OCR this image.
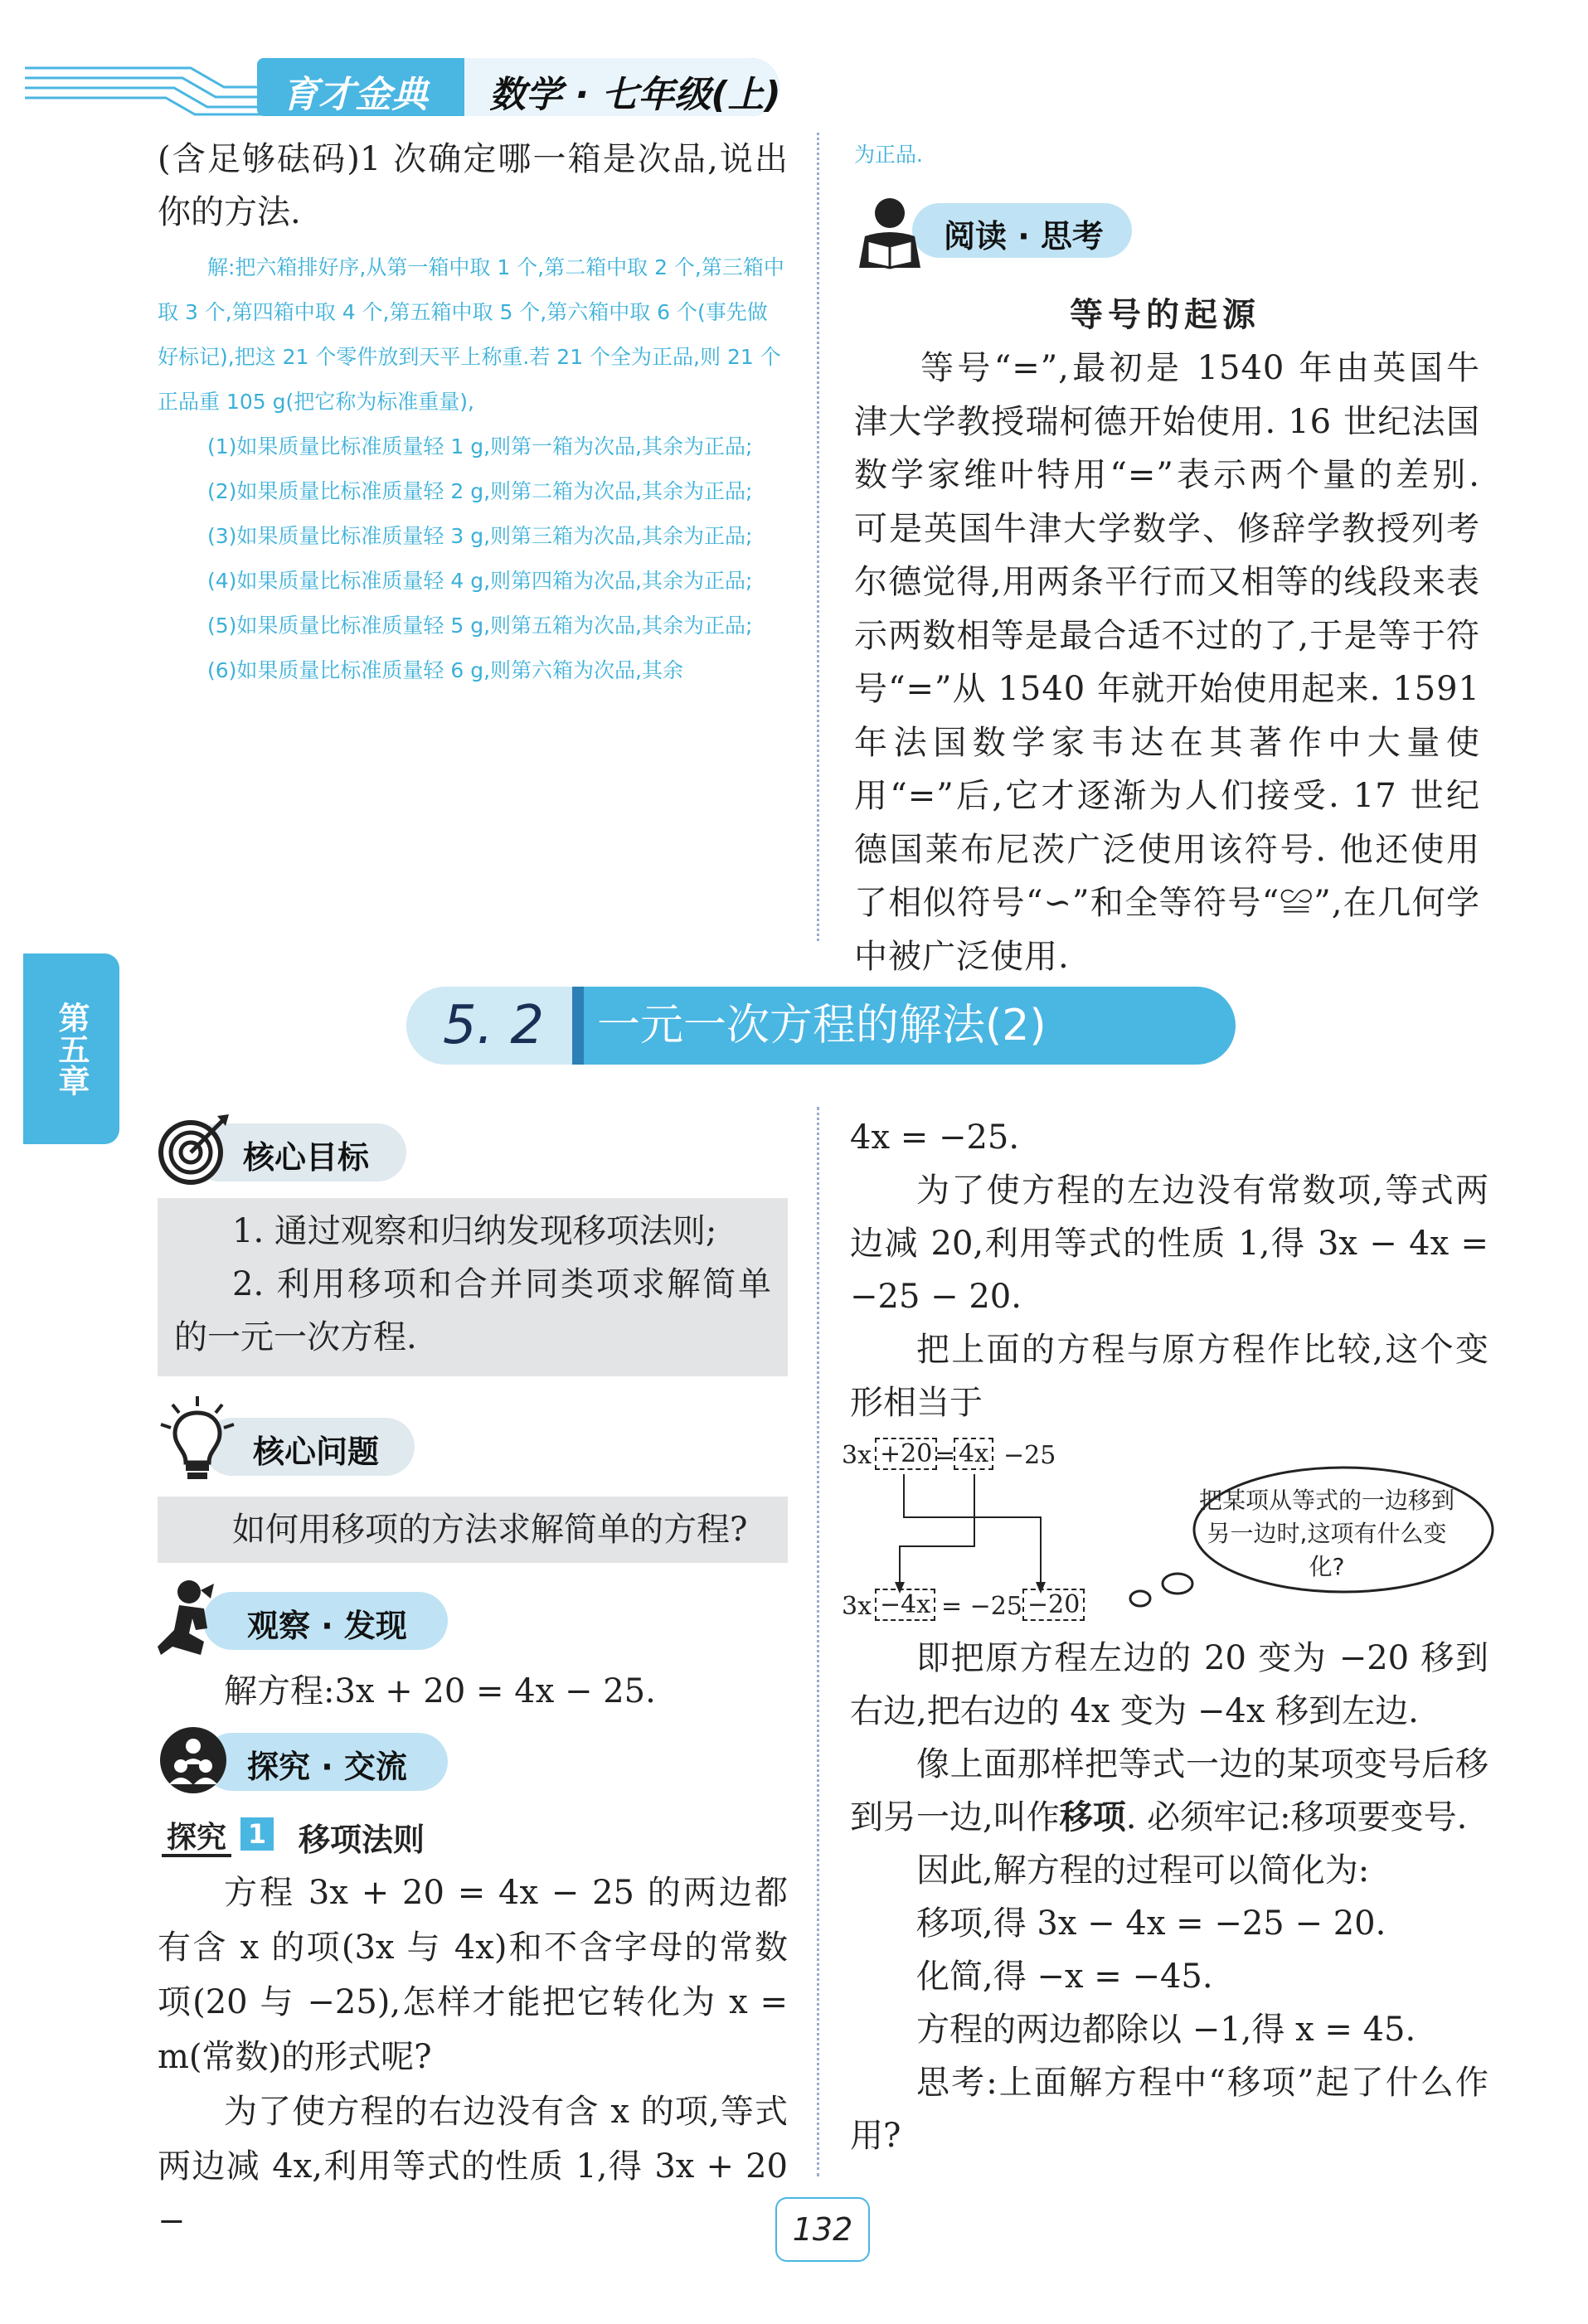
育才金典 数学 · 七年级(上)

(含足够砝码)1 次确定哪一箱是次品,说出你的方法.

解:把六箱排好序,从第一箱中取 1 个,第二箱中取 2 个,第三箱中取 3 个,第四箱中取 4 个,第五箱中取 5 个,第六箱中取 6 个(事先做好标记),把这 21 个零件放到天平上称重.若 21 个全为正品,则 21 个正品重 105 g(把它称为标准重量),

(1)如果质量比标准质量轻 1 g,则第一箱为次品,其余为正品;

(2)如果质量比标准质量轻 2 g,则第二箱为次品,其余为正品;

(3)如果质量比标准质量轻 3 g,则第三箱为次品,其余为正品;

(4)如果质量比标准质量轻 4 g,则第四箱为次品,其余为正品;

(5)如果质量比标准质量轻 5 g,则第五箱为次品,其余为正品;

(6)如果质量比标准质量轻 6 g,则第六箱为次品,其余

为正品.
阅读 · 思考
等号的起源

等号“=”,最初是 1540 年由英国牛津大学教授瑞柯德开始使用. 16 世纪法国数学家维叶特用“=”表示两个量的差别. 可是英国牛津大学数学、修辞学教授列考尔德觉得,用两条平行而又相等的线段来表示两数相等是最合适不过的了,于是等于符号“=”从 1540 年就开始使用起来. 1591 年法国数学家韦达在其著作中大量使用“=”后,它才逐渐为人们接受. 17 世纪德国莱布尼茨广泛使用该符号. 他还使用了相似符号“∽”和全等符号“≌”,在几何学中被广泛使用.

第五章	5. 2	一元一次方程的解法(2)
核心目标

1. 通过观察和归纳发现移项法则;

2. 利用移项和合并同类项求解简单的一元一次方程.

核心问题

如何用移项的方法求解简单的方程?

观察 · 发现
解方程:3x + 20 = 4x − 25.
探究 · 交流
探究 1 移项法则

方程 3x + 20 = 4x − 25 的两边都有含 x 的项(3x 与 4x)和不含字母的常数项(20 与 −25),怎样才能把它转化为 x = m(常数)的形式呢?

为了使方程的右边没有含 x 的项,等式两边减 4x,利用等式的性质 1,得 3x + 20 −

4x = −25.

为了使方程的左边没有常数项,等式两边减 20,利用等式的性质 1,得 3x − 4x = −25 − 20.

把上面的方程与原方程作比较,这个变形相当于

3x +20 = 4x −25
3x −4x = −25 −20
把某项从等式的一边移到另一边时,这项有什么变化?

即把原方程左边的 20 变为 −20 移到右边,把右边的 4x 变为 −4x 移到左边.

像上面那样把等式一边的某项变号后移到另一边,叫作移项. 必须牢记:移项要变号.

因此,解方程的过程可以简化为:

移项,得 3x − 4x = −25 − 20.

化简,得 −x = −45.

方程的两边都除以 −1,得 x = 45.

思考:上面解方程中“移项”起了什么作用?

132
